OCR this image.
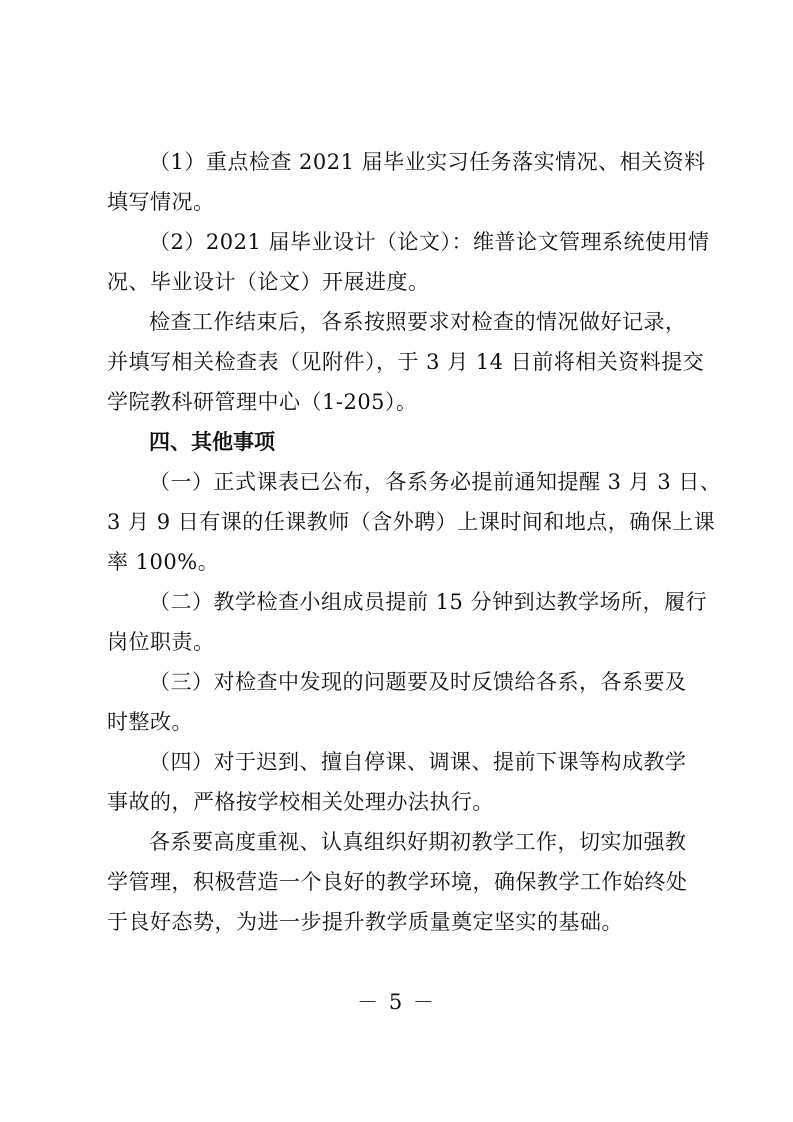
（1）重点检查 2021 届毕业实习任务落实情况、相关资料
填写情况。

（2）2021 届毕业设计（论文）：维普论文管理系统使用情
况、毕业设计（论文）开展进度。

检查工作结束后，各系按照要求对检查的情况做好记录，
并填写相关检查表（见附件），于 3 月 14 日前将相关资料提交
学院教科研管理中心（1-205）。

四、其他事项

（一）正式课表已公布，各系务必提前通知提醒 3 月 3 日、
3 月 9 日有课的任课教师（含外聘）上课时间和地点，确保上课
率 100%。

（二）教学检查小组成员提前 15 分钟到达教学场所，履行
岗位职责。

（三）对检查中发现的问题要及时反馈给各系，各系要及
时整改。

（四）对于迟到、擅自停课、调课、提前下课等构成教学
事故的，严格按学校相关处理办法执行。

各系要高度重视、认真组织好期初教学工作，切实加强教
学管理，积极营造一个良好的教学环境，确保教学工作始终处
于良好态势，为进一步提升教学质量奠定坚实的基础。

－ 5 －
